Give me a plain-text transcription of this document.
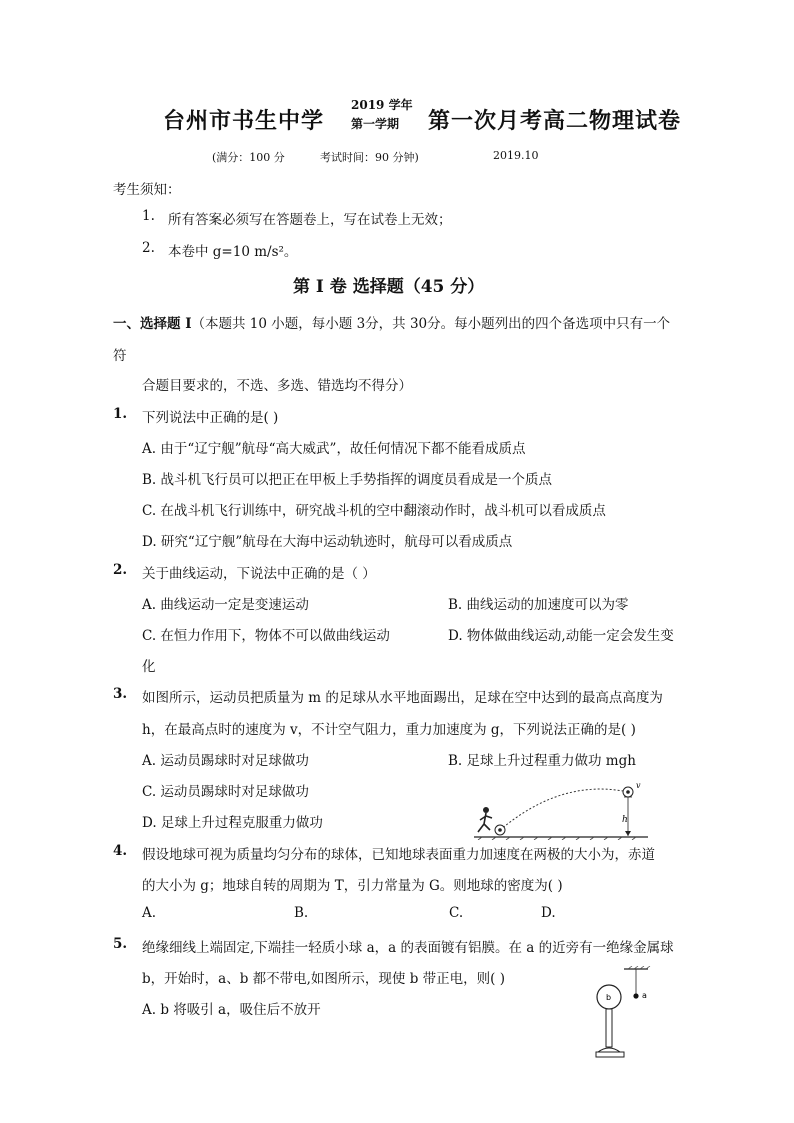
台州市书生中学
2019 学年
第一学期 第一次月考高二物理试卷
(满分：100 分	考试时间：90 分钟)	2019.10
考生须知：
1. 所有答案必须写在答题卷上，写在试卷上无效；
2. 本卷中 g=10 m/s²。
第 I 卷 选择题（45 分）
一、选择题 I（本题共 10 小题，每小题 3分，共 30分。每小题列出的四个备选项中只有一个
符
合题目要求的，不选、多选、错选均不得分）
1. 下列说法中正确的是( )
A. 由于“辽宁舰”航母“高大威武”，故任何情况下都不能看成质点
B. 战斗机飞行员可以把正在甲板上手势指挥的调度员看成是一个质点
C. 在战斗机飞行训练中，研究战斗机的空中翻滚动作时，战斗机可以看成质点
D. 研究“辽宁舰”航母在大海中运动轨迹时，航母可以看成质点
2. 关于曲线运动，下说法中正确的是（ ）
A. 曲线运动一定是变速运动	B. 曲线运动的加速度可以为零
C. 在恒力作用下，物体不可以做曲线运动	D. 物体做曲线运动,动能一定会发生变
化
3. 如图所示，运动员把质量为 m 的足球从水平地面踢出，足球在空中达到的最高点高度为
h，在最高点时的速度为 v，不计空气阻力，重力加速度为 g，下列说法正确的是( )
A. 运动员踢球时对足球做功	B. 足球上升过程重力做功 mgh
C. 运动员踢球时对足球做功
D. 足球上升过程克服重力做功	h
v
4. 假设地球可视为质量均匀分布的球体，已知地球表面重力加速度在两极的大小为，赤道
的大小为 g；地球自转的周期为 T，引力常量为 G。则地球的密度为( )
A.	B.	C.	D.
5. 绝缘细线上端固定,下端挂一轻质小球 a，a 的表面镀有铝膜。在 a 的近旁有一绝缘金属球
b，开始时，a、b 都不带电,如图所示，现使 b 带正电，则( )
A. b 将吸引 a，吸住后不放开
a
b
